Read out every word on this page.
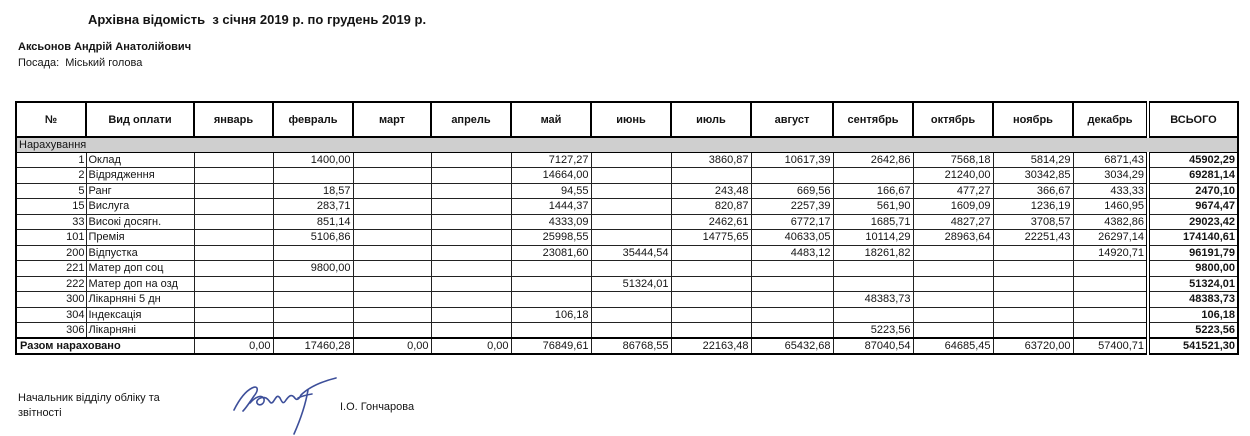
Архівна відомість  з січня 2019 р. по грудень 2019 р.
Аксьонов Андрій Анатолійович
Посада: Міський голова
№	Вид оплати	январь	февраль	март	апрель	май	июнь	июль	август	сентябрь	октябрь	ноябрь	декабрь	ВСЬОГО
Нарахування														
1	Оклад		1400,00			7127,27		3860,87	10617,39	2642,86	7568,18	5814,29	6871,43	45902,29
2	Відрядження					14664,00					21240,00	30342,85	3034,29	69281,14
5	Ранг		18,57			94,55		243,48	669,56	166,67	477,27	366,67	433,33	2470,10
15	Вислуга		283,71			1444,37		820,87	2257,39	561,90	1609,09	1236,19	1460,95	9674,47
33	Високі досягн.		851,14			4333,09		2462,61	6772,17	1685,71	4827,27	3708,57	4382,86	29023,42
101	Премія		5106,86			25998,55		14775,65	40633,05	10114,29	28963,64	22251,43	26297,14	174140,61
200	Відпустка					23081,60	35444,54		4483,12	18261,82			14920,71	96191,79
221	Матер доп соц		9800,00											9800,00
222	Матер доп на озд						51324,01							51324,01
300	Лікарняні 5 дн									48383,73				48383,73
304	Індексація					106,18								106,18
306	Лікарняні									5223,56				5223,56
Разом нараховано		0,00	17460,28	0,00	0,00	76849,61	86768,55	22163,48	65432,68	87040,54	64685,45	63720,00	57400,71	541521,30
Начальник відділу обліку та
звітності	І.О. Гончарова
